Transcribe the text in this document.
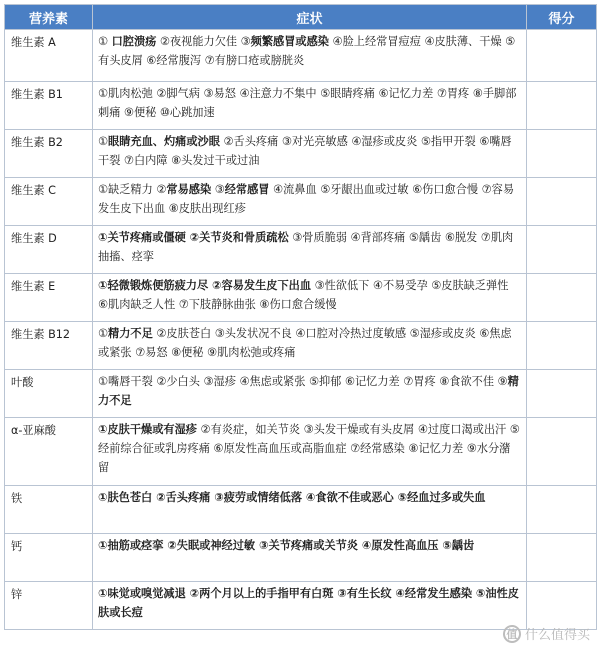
营养素	症状	得分
维生素 A	① 口腔溃疡 ②夜视能力欠佳 ③频繁感冒或感染 ④脸上经常冒痘痘 ④皮肤薄、干燥 ⑤有头皮屑 ⑥经常腹泻 ⑦有膀口疮或膀胱炎	
维生素 B1	①肌肉松弛 ②脚气病 ③易怒 ④注意力不集中 ⑤眼睛疼痛 ⑥记忆力差 ⑦胃疼 ⑧手脚部刺痛 ⑨便秘 ⑩心跳加速	
维生素 B2	①眼睛充血、灼痛或沙眼 ②舌头疼痛 ③对光亮敏感 ④湿疹或皮炎 ⑤指甲开裂 ⑥嘴唇干裂 ⑦白内障 ⑧头发过干或过油	
维生素 C	①缺乏精力 ②常易感染 ③经常感冒 ④流鼻血 ⑤牙龈出血或过敏 ⑥伤口愈合慢 ⑦容易发生皮下出血 ⑧皮肤出现红疹	
维生素 D	①关节疼痛或僵硬 ②关节炎和骨质疏松 ③骨质脆弱 ④背部疼痛 ⑤龋齿 ⑥脱发 ⑦肌肉抽搐、痉挛	
维生素 E	①轻微锻炼便筋疲力尽 ②容易发生皮下出血 ③性欲低下 ④不易受孕 ⑤皮肤缺乏弹性 ⑥肌肉缺乏人性 ⑦下肢静脉曲张 ⑧伤口愈合缓慢	
维生素 B12	①精力不足 ②皮肤苍白 ③头发状况不良 ④口腔对冷热过度敏感 ⑤湿疹或皮炎 ⑥焦虑或紧张 ⑦易怒 ⑧便秘 ⑨肌肉松弛或疼痛	
叶酸	①嘴唇干裂 ②少白头 ③湿疹 ④焦虑或紧张 ⑤抑郁 ⑥记忆力差 ⑦胃疼 ⑧食欲不佳 ⑨精力不足	
α-亚麻酸	①皮肤干燥或有湿疹 ②有炎症，如关节炎 ③头发干燥或有头皮屑 ④过度口渴或出汗 ⑤经前综合征或乳房疼痛 ⑥原发性高血压或高脂血症 ⑦经常感染 ⑧记忆力差 ⑨水分潴留	
铁	①肤色苍白 ②舌头疼痛 ③疲劳或情绪低落 ④食欲不佳或恶心 ⑤经血过多或失血	
钙	①抽筋或痉挛 ②失眠或神经过敏 ③关节疼痛或关节炎 ④原发性高血压 ⑤龋齿	
锌	①味觉或嗅觉减退 ②两个月以上的手指甲有白斑 ③有生长纹 ④经常发生感染 ⑤油性皮肤或长痘	
值 什么值得买
